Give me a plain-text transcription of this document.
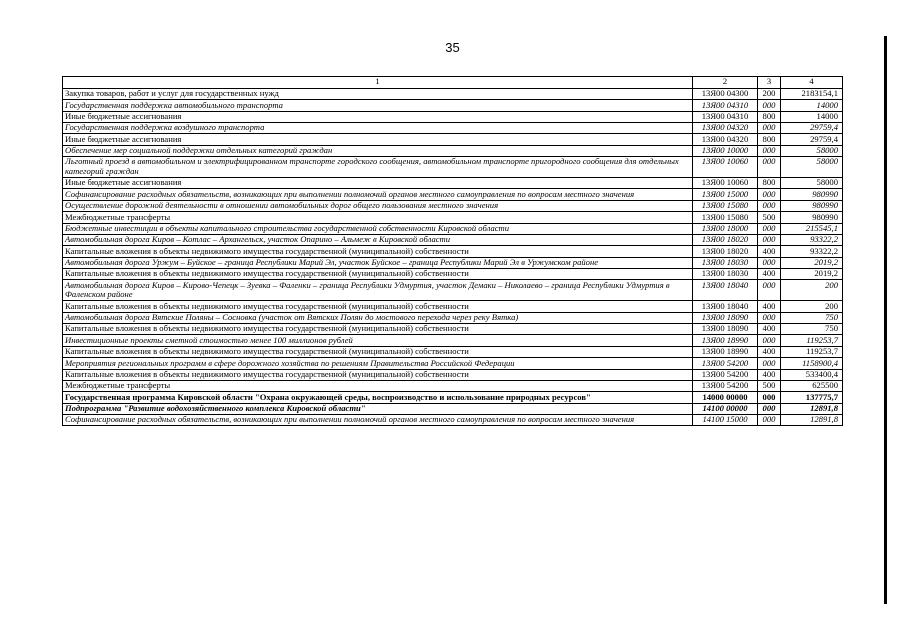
35
1	2	3	4
Закупка товаров, работ и услуг для государственных нужд	13Я00 04300	200	2183154,1
Государственная поддержка автомобильного транспорта	13Я00 04310	000	14000
Иные бюджетные ассигнования	13Я00 04310	800	14000
Государственная поддержка воздушного транспорта	13Я00 04320	000	29759,4
Иные бюджетные ассигнования	13Я00 04320	800	29759,4
Обеспечение мер социальной поддержки отдельных категорий граждан	13Я00 10000	000	58000
Льготный проезд в автомобильном и электрифицированном транспорте городского сообщения, автомобильном транспорте пригородного сообщения для отдельных категорий граждан	13Я00 10060	000	58000
Иные бюджетные ассигнования	13Я00 10060	800	58000
Софинансирование расходных обязательств, возникающих при выполнении полномочий органов местного самоуправления по вопросам местного значения	13Я00 15000	000	980990
Осуществление дорожной деятельности в отношении автомобильных дорог общего пользования местного значения	13Я00 15080	000	980990
Межбюджетные трансферты	13Я00 15080	500	980990
Бюджетные инвестиции в объекты капитального строительства государственной собственности Кировской области	13Я00 18000	000	215545,1
Автомобильная дорога Киров – Котлас – Архангельск, участок Опарино – Альмеж в Кировской области	13Я00 18020	000	93322,2
Капитальные вложения в объекты недвижимого имущества государственной (муниципальной) собственности	13Я00 18020	400	93322,2
Автомобильная дорога Уржум – Буйское – граница Республики Марий Эл, участок Буйское – граница Республики Марий Эл в Уржумском районе	13Я00 18030	000	2019,2
Капитальные вложения в объекты недвижимого имущества государственной (муниципальной) собственности	13Я00 18030	400	2019,2
Автомобильная дорога Киров – Кирово-Чепецк – Зуевка – Фаленки – граница Республики Удмуртия, участок Демаки – Николаево – граница Республики Удмуртия в Фаленском районе	13Я00 18040	000	200
Капитальные вложения в объекты недвижимого имущества государственной (муниципальной) собственности	13Я00 18040	400	200
Автомобильная дорога Вятские Поляны – Сосновка (участок от Вятских Полян до мостового перехода через реку Вятка)	13Я00 18090	000	750
Капитальные вложения в объекты недвижимого имущества государственной (муниципальной) собственности	13Я00 18090	400	750
Инвестиционные проекты сметной стоимостью менее 100 миллионов рублей	13Я00 18990	000	119253,7
Капитальные вложения в объекты недвижимого имущества государственной (муниципальной) собственности	13Я00 18990	400	119253,7
Мероприятия региональных программ в сфере дорожного хозяйства по решениям Правительства Российской Федерации	13Я00 54200	000	1158900,4
Капитальные вложения в объекты недвижимого имущества государственной (муниципальной) собственности	13Я00 54200	400	533400,4
Межбюджетные трансферты	13Я00 54200	500	625500
Государственная программа Кировской области "Охрана окружающей среды, воспроизводство и использование природных ресурсов"	14000 00000	000	137775,7
Подпрограмма "Развитие водохозяйственного комплекса Кировской области"	14100 00000	000	12891,8
Софинансирование расходных обязательств, возникающих при выполнении полномочий органов местного самоуправления по вопросам местного значения	14100 15000	000	12891,8
